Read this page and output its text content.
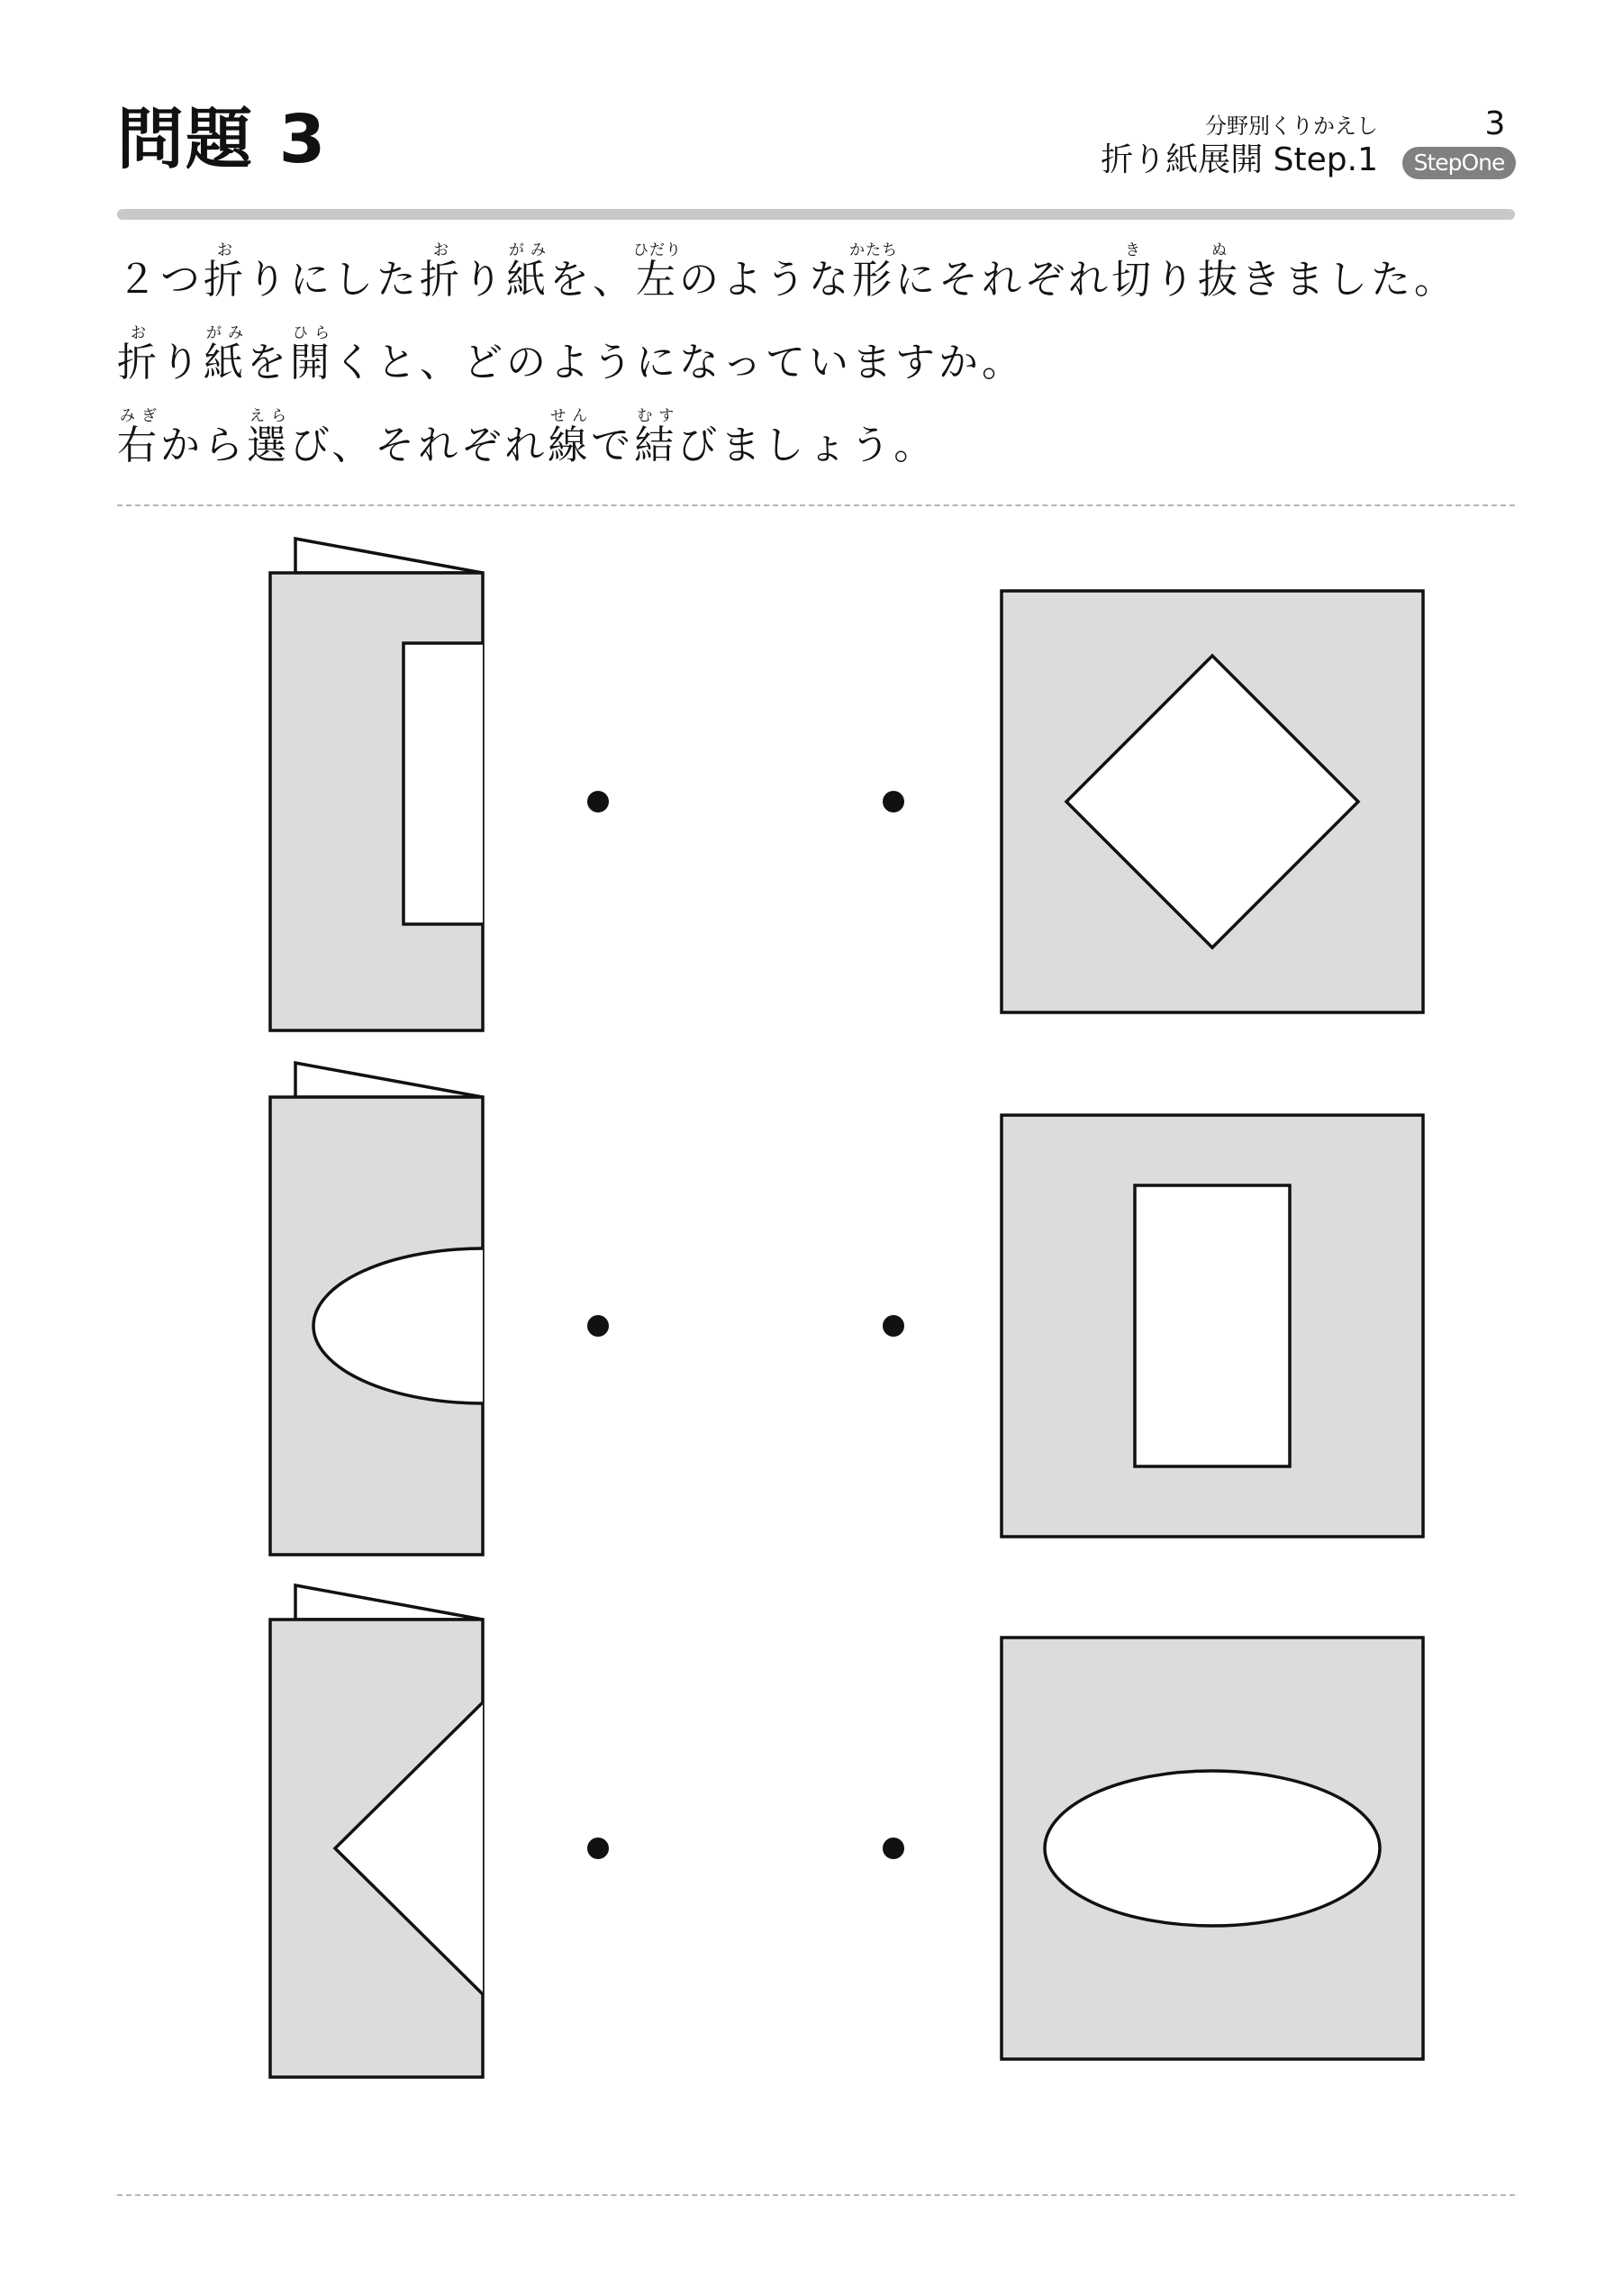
問題 3	分野別くりかえし	3
折り紙展開 Step.1	StepOne
２つ折おりにした折おり紙がみを、左ひだりのような形かたちにそれぞれ切きり抜ぬきました。
折おり紙がみを開ひらくと、どのようになっていますか。
右みぎから選えらび、それぞれ線せんで結むすびましょう。
